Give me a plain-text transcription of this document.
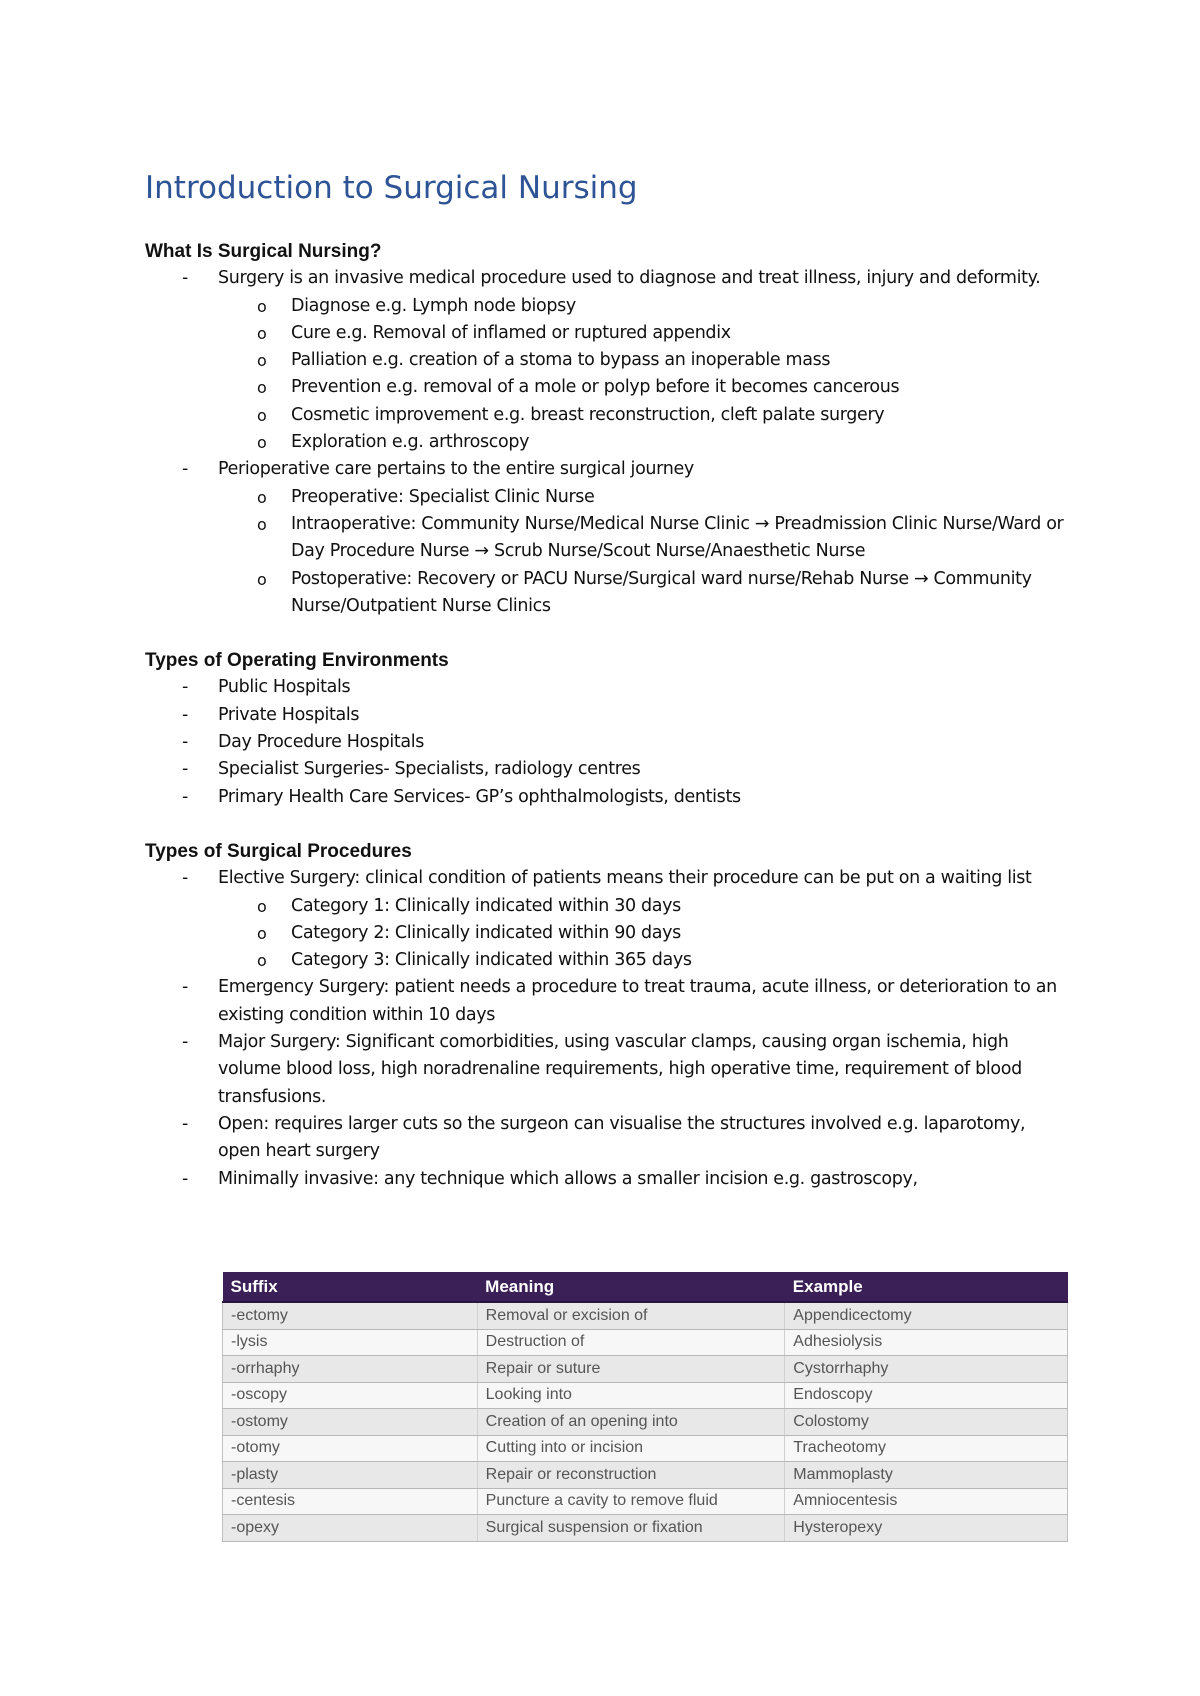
Introduction to Surgical Nursing
What Is Surgical Nursing?
- Surgery is an invasive medical procedure used to diagnose and treat illness, injury and deformity.
o Diagnose e.g. Lymph node biopsy
o Cure e.g. Removal of inflamed or ruptured appendix
o Palliation e.g. creation of a stoma to bypass an inoperable mass
o Prevention e.g. removal of a mole or polyp before it becomes cancerous
o Cosmetic improvement e.g. breast reconstruction, cleft palate surgery
o Exploration e.g. arthroscopy
- Perioperative care pertains to the entire surgical journey
o Preoperative: Specialist Clinic Nurse
o Intraoperative: Community Nurse/Medical Nurse Clinic → Preadmission Clinic Nurse/Ward or Day Procedure Nurse → Scrub Nurse/Scout Nurse/Anaesthetic Nurse
o Postoperative: Recovery or PACU Nurse/Surgical ward nurse/Rehab Nurse → Community Nurse/Outpatient Nurse Clinics
Types of Operating Environments
- Public Hospitals
- Private Hospitals
- Day Procedure Hospitals
- Specialist Surgeries- Specialists, radiology centres
- Primary Health Care Services- GP’s ophthalmologists, dentists
Types of Surgical Procedures
- Elective Surgery: clinical condition of patients means their procedure can be put on a waiting list
o Category 1: Clinically indicated within 30 days
o Category 2: Clinically indicated within 90 days
o Category 3: Clinically indicated within 365 days
- Emergency Surgery: patient needs a procedure to treat trauma, acute illness, or deterioration to an existing condition within 10 days
- Major Surgery: Significant comorbidities, using vascular clamps, causing organ ischemia, high volume blood loss, high noradrenaline requirements, high operative time, requirement of blood transfusions.
- Open: requires larger cuts so the surgeon can visualise the structures involved e.g. laparotomy, open heart surgery
- Minimally invasive: any technique which allows a smaller incision e.g. gastroscopy,
Suffix	Meaning	Example
-ectomy	Removal or excision of	Appendicectomy
-lysis	Destruction of	Adhesiolysis
-orrhaphy	Repair or suture	Cystorrhaphy
-oscopy	Looking into	Endoscopy
-ostomy	Creation of an opening into	Colostomy
-otomy	Cutting into or incision	Tracheotomy
-plasty	Repair or reconstruction	Mammoplasty
-centesis	Puncture a cavity to remove fluid	Amniocentesis
-opexy	Surgical suspension or fixation	Hysteropexy
